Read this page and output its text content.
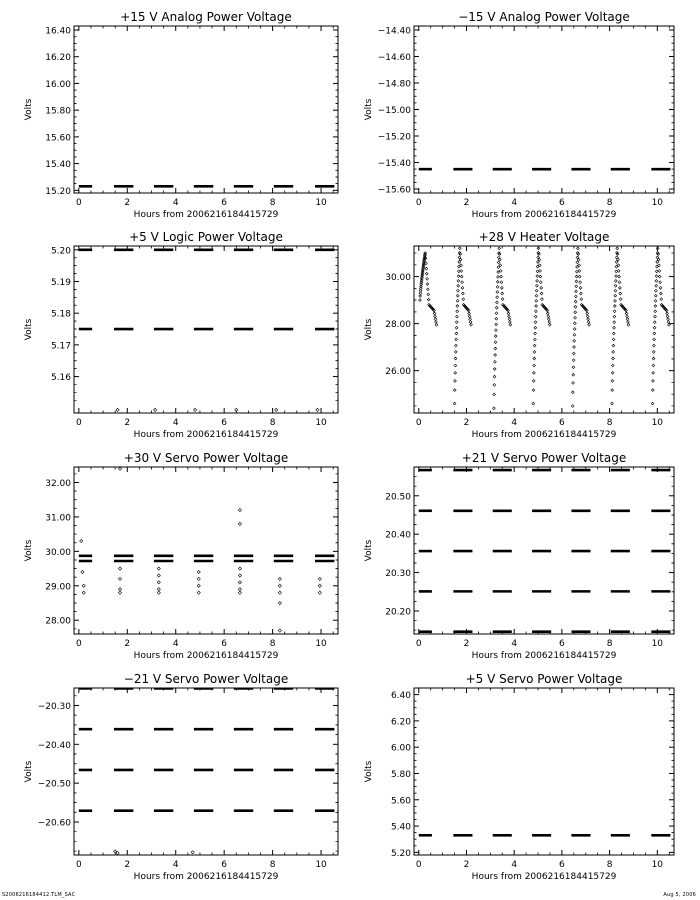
+15 V Analog Power Voltage
0	2	4	6	8	10
15.20
15.40
15.60
15.80
16.00
16.20
16.40
Hours from 2006216184415729
Volts
−15 V Analog Power Voltage
0	2	4	6	8	10
−15.60
−15.40
−15.20
−15.00
−14.80
−14.60
−14.40
Hours from 2006216184415729
Volts
+5 V Logic Power Voltage
0	2	4	6	8	10
5.16
5.17
5.18
5.19
5.20
Hours from 2006216184415729
Volts
+28 V Heater Voltage
0	2	4	6	8	10
26.00
28.00
30.00
Hours from 2006216184415729
Volts
+30 V Servo Power Voltage
0	2	4	6	8	10
28.00
29.00
30.00
31.00
32.00
Hours from 2006216184415729
Volts
+21 V Servo Power Voltage
0	2	4	6	8	10
20.20
20.30
20.40
20.50
Hours from 2006216184415729
Volts
−21 V Servo Power Voltage
0	2	4	6	8	10
−20.60
−20.50
−20.40
−20.30
Hours from 2006216184415729
Volts
+5 V Servo Power Voltage
0	2	4	6	8	10
5.20
5.40
5.60
5.80
6.00
6.20
6.40
Hours from 2006216184415729
Volts
S2006216184412.TLM_SAC	Aug 5, 2006
